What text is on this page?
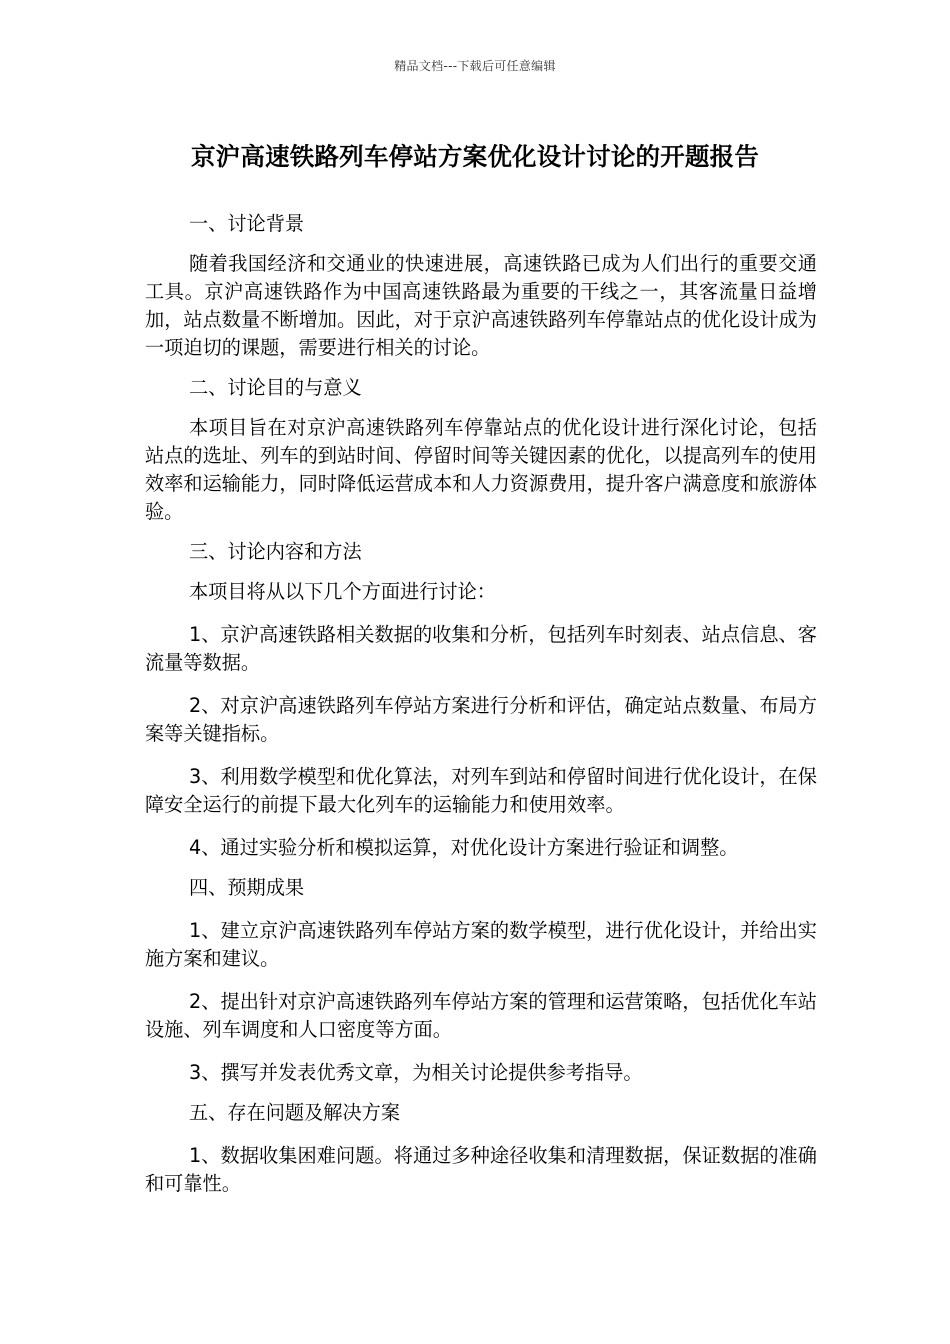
精品文档---下载后可任意编辑
京沪高速铁路列车停站方案优化设计讨论的开题报告

一、讨论背景

随着我国经济和交通业的快速进展，高速铁路已成为人们出行的重要交通工具。京沪高速铁路作为中国高速铁路最为重要的干线之一，其客流量日益增加，站点数量不断增加。因此，对于京沪高速铁路列车停靠站点的优化设计成为一项迫切的课题，需要进行相关的讨论。

二、讨论目的与意义

本项目旨在对京沪高速铁路列车停靠站点的优化设计进行深化讨论，包括站点的选址、列车的到站时间、停留时间等关键因素的优化，以提高列车的使用效率和运输能力，同时降低运营成本和人力资源费用，提升客户满意度和旅游体验。

三、讨论内容和方法

本项目将从以下几个方面进行讨论：

1、京沪高速铁路相关数据的收集和分析，包括列车时刻表、站点信息、客流量等数据。

2、对京沪高速铁路列车停站方案进行分析和评估，确定站点数量、布局方案等关键指标。

3、利用数学模型和优化算法，对列车到站和停留时间进行优化设计，在保障安全运行的前提下最大化列车的运输能力和使用效率。

4、通过实验分析和模拟运算，对优化设计方案进行验证和调整。

四、预期成果

1、建立京沪高速铁路列车停站方案的数学模型，进行优化设计，并给出实施方案和建议。

2、提出针对京沪高速铁路列车停站方案的管理和运营策略，包括优化车站设施、列车调度和人口密度等方面。

3、撰写并发表优秀文章，为相关讨论提供参考指导。

五、存在问题及解决方案

1、数据收集困难问题。将通过多种途径收集和清理数据，保证数据的准确和可靠性。
